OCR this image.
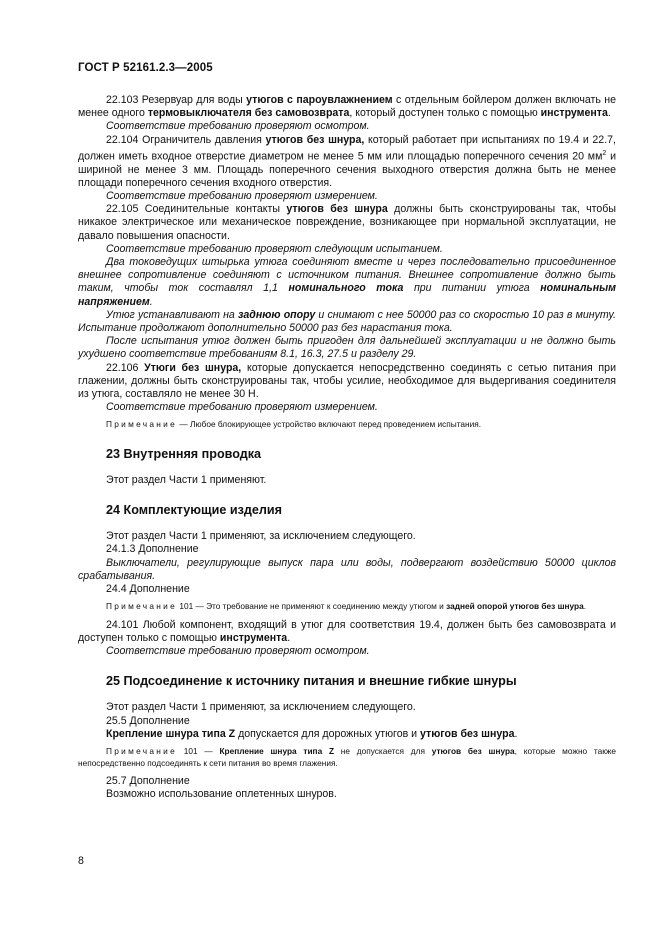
ГОСТ Р 52161.2.3—2005

22.103 Резервуар для воды утюгов с пароувлажнением с отдельным бойлером должен включать не менее одного термовыключателя без самовозврата, который доступен только с помощью инструмента.

Соответствие требованию проверяют осмотром.

22.104 Ограничитель давления утюгов без шнура, который работает при испытаниях по 19.4 и 22.7, должен иметь входное отверстие диаметром не менее 5 мм или площадью поперечного сечения 20 $мм^2$ и шириной не менее 3 мм. Площадь поперечного сечения выходного отверстия должна быть не менее площади поперечного сечения входного отверстия.

Соответствие требованию проверяют измерением.

22.105 Соединительные контакты утюгов без шнура должны быть сконструированы так, чтобы никакое электрическое или механическое повреждение, возникающее при нормальной эксплуатации, не давало повышения опасности.

Соответствие требованию проверяют следующим испытанием.

Два токоведущих штырька утюга соединяют вместе и через последовательно присоединенное внешнее сопротивление соединяют с источником питания. Внешнее сопротивление должно быть таким, чтобы ток составлял 1,1 номинального тока при питании утюга номинальным напряжением.

Утюг устанавливают на заднюю опору и снимают с нее 50000 раз со скоростью 10 раз в минуту. Испытание продолжают дополнительно 50000 раз без нарастания тока.

После испытания утюг должен быть пригоден для дальнейшей эксплуатации и не должно быть ухудшено соответствие требованиям 8.1, 16.3, 27.5 и разделу 29.

22.106 Утюги без шнура, которые допускается непосредственно соединять с сетью питания при глажении, должны быть сконструированы так, чтобы усилие, необходимое для выдергивания соединителя из утюга, составляло не менее 30 Н.

Соответствие требованию проверяют измерением.

Примечание — Любое блокирующее устройство включают перед проведением испытания.

23 Внутренняя проводка

Этот раздел Части 1 применяют.

24 Комплектующие изделия

Этот раздел Части 1 применяют, за исключением следующего.

24.1.3 Дополнение

Выключатели, регулирующие выпуск пара или воды, подвергают воздействию 50000 циклов срабатывания.

24.4 Дополнение

Примечание 101 — Это требование не применяют к соединению между утюгом и задней опорой утюгов без шнура.

24.101 Любой компонент, входящий в утюг для соответствия 19.4, должен быть без самовозврата и доступен только с помощью инструмента.

Соответствие требованию проверяют осмотром.

25 Подсоединение к источнику питания и внешние гибкие шнуры

Этот раздел Части 1 применяют, за исключением следующего.

25.5 Дополнение

Крепление шнура типа Z допускается для дорожных утюгов и утюгов без шнура.

Примечание 101 — Крепление шнура типа Z не допускается для утюгов без шнура, которые можно также непосредственно подсоединять к сети питания во время глажения.

25.7 Дополнение

Возможно использование оплетенных шнуров.

8
